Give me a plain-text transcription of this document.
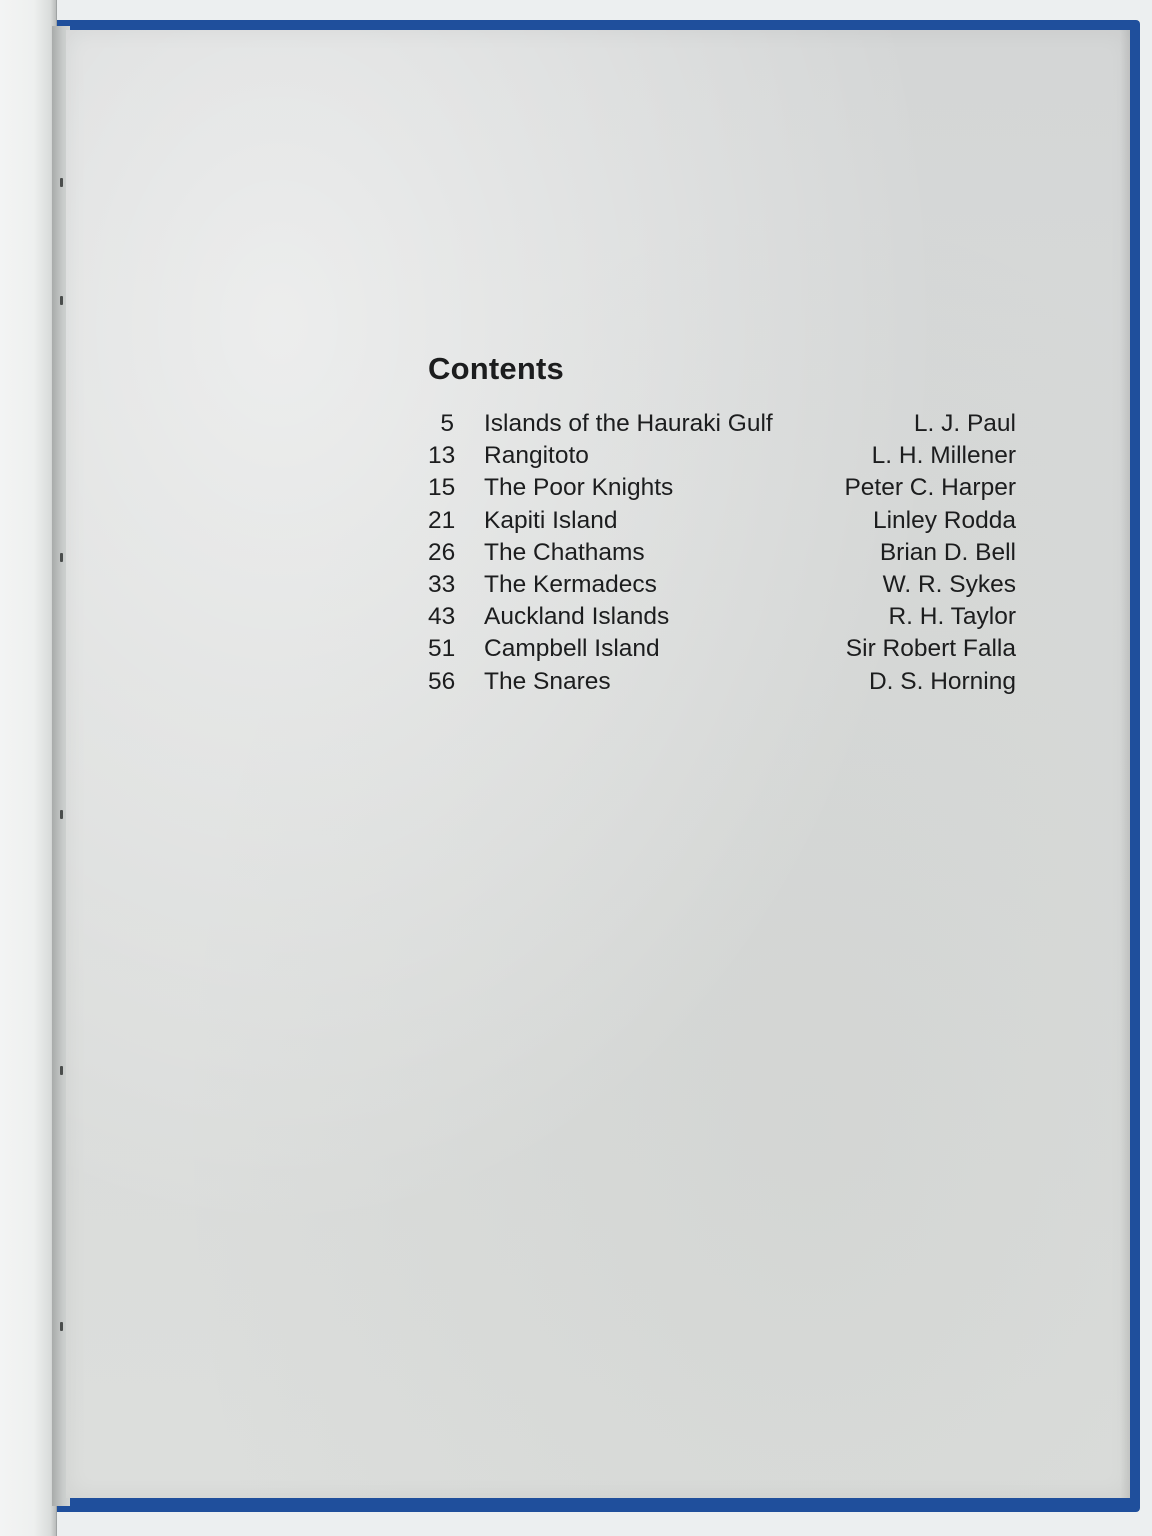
Contents
5 Islands of the Hauraki Gulf	L. J. Paul
13 Rangitoto	L. H. Millener
15 The Poor Knights	Peter C. Harper
21 Kapiti Island	Linley Rodda
26 The Chathams	Brian D. Bell
33 The Kermadecs	W. R. Sykes
43 Auckland Islands	R. H. Taylor
51 Campbell Island	Sir Robert Falla
56 The Snares	D. S. Horning
